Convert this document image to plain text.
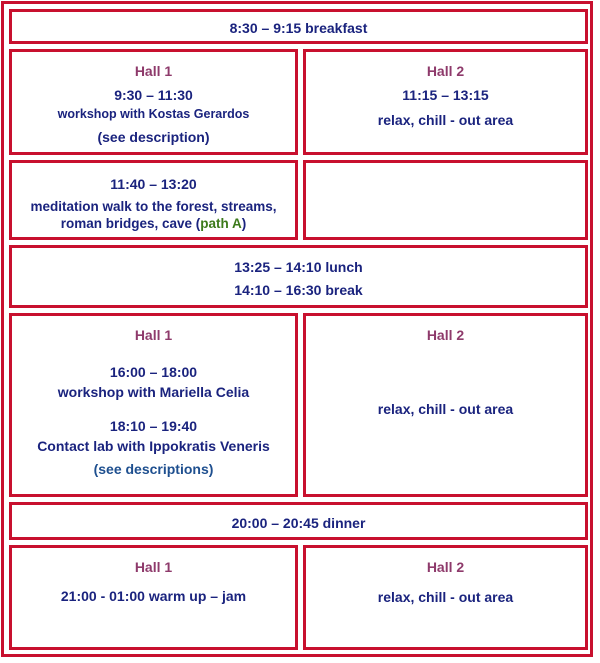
8:30 – 9:15 breakfast
Hall 1
9:30 – 11:30
workshop with Kostas Gerardos
(see description)
Hall 2
11:15 – 13:15
relax, chill - out area
11:40 – 13:20
meditation walk to the forest, streams,
roman bridges, cave (path A)
13:25 – 14:10 lunch
14:10 – 16:30 break
Hall 1
16:00 – 18:00
workshop with Mariella Celia
18:10 – 19:40
Contact lab with Ippokratis Veneris
(see descriptions)
Hall 2
relax, chill - out area
20:00 – 20:45 dinner
Hall 1
21:00 - 01:00 warm up – jam
Hall 2
relax, chill - out area
